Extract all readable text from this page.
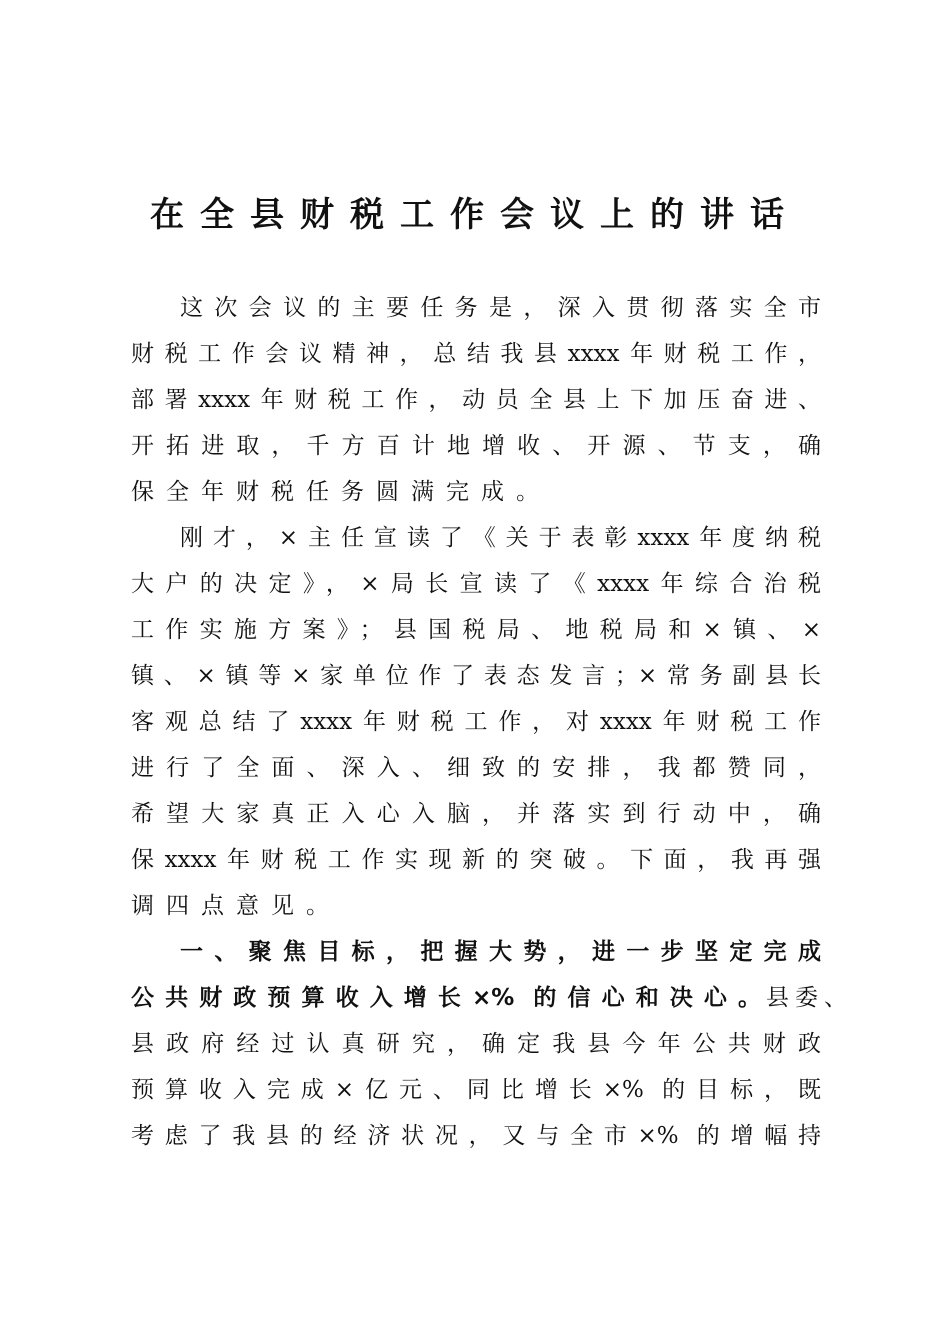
在全县财税工作会议上的讲话
这次会议的主要任务是，深入贯彻落实全市
财税工作会议精神，总结我县xxxx年财税工作，
部署xxxx年财税工作，动员全县上下加压奋进、
开拓进取，千方百计地增收、开源、节支，确
保全年财税任务圆满完成。
刚才，×主任宣读了《关于表彰xxxx年度纳税
大户的决定》，×局长宣读了《xxxx年综合治税
工作实施方案》；县国税局、地税局和×镇、×
镇、×镇等×家单位作了表态发言；×常务副县长
客观总结了xxxx年财税工作，对xxxx年财税工作
进行了全面、深入、细致的安排，我都赞同，
希望大家真正入心入脑，并落实到行动中，确
保xxxx年财税工作实现新的突破。下面，我再强
调四点意见。
一、聚焦目标，把握大势，进一步坚定完成
公共财政预算收入增长×% 的信心和决心。 县委、
县政府经过认真研究，确定我县今年公共财政
预算收入完成×亿元、同比增长×% 的目标，既
考虑了我县的经济状况，又与全市×% 的增幅持
